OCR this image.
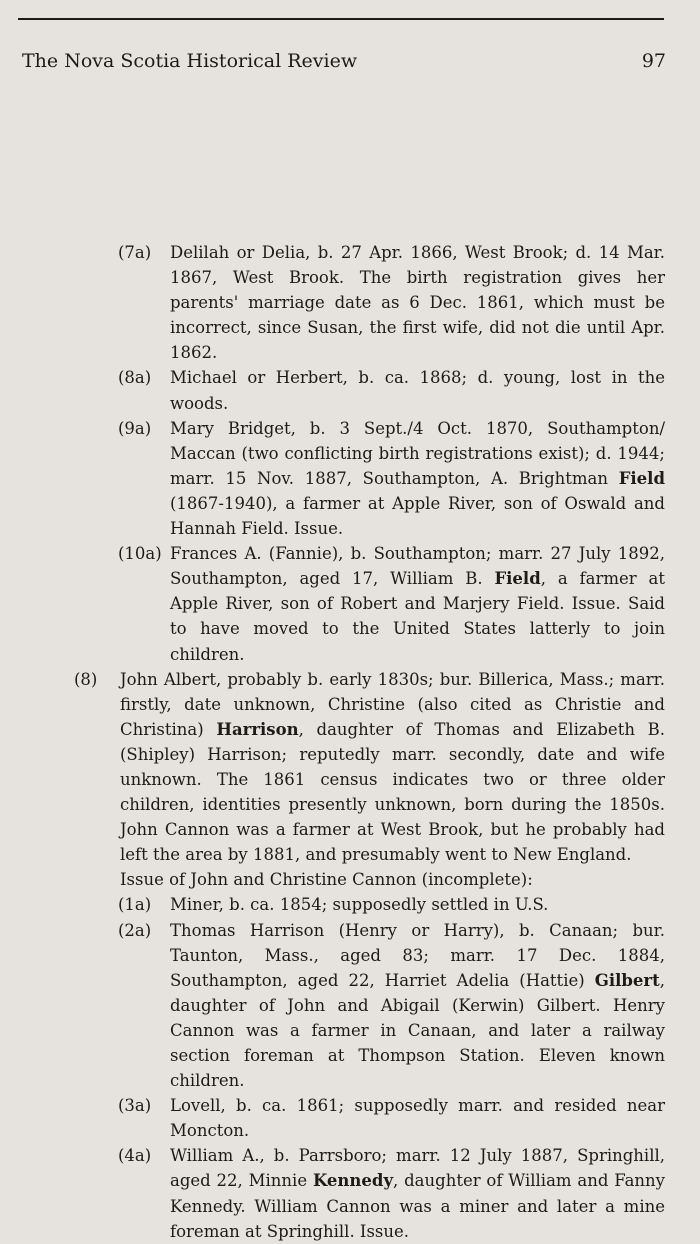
The Nova Scotia Historical Review	97
(7a) Delilah or Delia, b. 27 Apr. 1866, West Brook; d. 14 Mar. 1867, West Brook. The birth registration gives her parents' marriage date as 6 Dec. 1861, which must be incorrect, since Susan, the first wife, did not die until Apr. 1862.
(8a) Michael or Herbert, b. ca. 1868; d. young, lost in the woods.
(9a) Mary Bridget, b. 3 Sept./4 Oct. 1870, Southampton/ Maccan (two conflicting birth registrations exist); d. 1944; marr. 15 Nov. 1887, Southampton, A. Brightman Field (1867-1940), a farmer at Apple River, son of Oswald and Hannah Field. Issue.
(10a) Frances A. (Fannie), b. Southampton; marr. 27 July 1892, Southampton, aged 17, William B. Field, a farmer at Apple River, son of Robert and Marjery Field. Issue. Said to have moved to the United States latterly to join children.
(8) John Albert, probably b. early 1830s; bur. Billerica, Mass.; marr. firstly, date unknown, Christine (also cited as Christie and Christina) Harrison, daughter of Thomas and Elizabeth B. (Shipley) Harrison; reputedly marr. secondly, date and wife unknown. The 1861 census indicates two or three older children, identities presently unknown, born during the 1850s. John Cannon was a farmer at West Brook, but he probably had left the area by 1881, and presumably went to New England.
Issue of John and Christine Cannon (incomplete):
(1a) Miner, b. ca. 1854; supposedly settled in U.S.
(2a) Thomas Harrison (Henry or Harry), b. Canaan; bur. Taunton, Mass., aged 83; marr. 17 Dec. 1884, Southampton, aged 22, Harriet Adelia (Hattie) Gilbert, daughter of John and Abigail (Kerwin) Gilbert. Henry Cannon was a farmer in Canaan, and later a railway section foreman at Thompson Station. Eleven known children.
(3a) Lovell, b. ca. 1861; supposedly marr. and resided near Moncton.
(4a) William A., b. Parrsboro; marr. 12 July 1887, Springhill, aged 22, Minnie Kennedy, daughter of William and Fanny Kennedy. William Cannon was a miner and later a mine foreman at Springhill. Issue.
